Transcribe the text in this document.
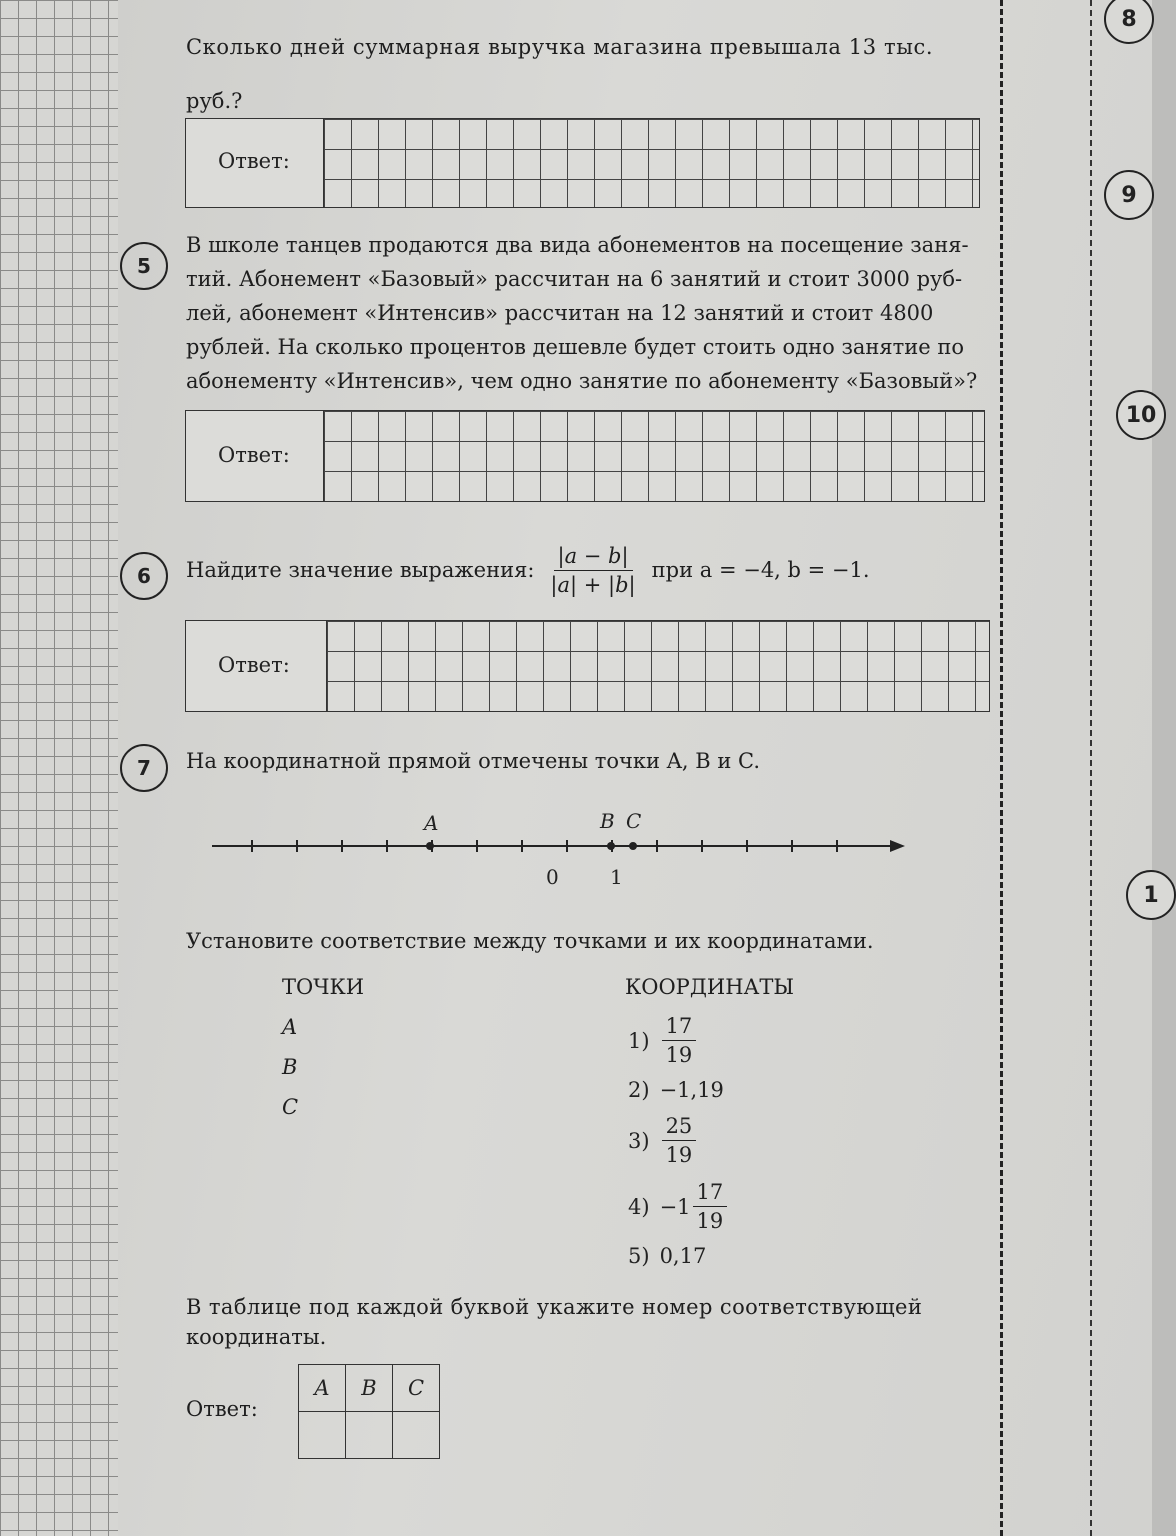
8
9
10
1
Сколько дней суммарная выручка магазина превышала 13 тыс.
руб.?
Ответ:
5
В школе танцев продаются два вида абонементов на посещение заня-
тий. Абонемент «Базовый» рассчитан на 6 занятий и стоит 3000 руб-
лей, абонемент «Интенсив» рассчитан на 12 занятий и стоит 4800
рублей. На сколько процентов дешевле будет стоить одно занятие по
абонементу «Интенсив», чем одно занятие по абонементу «Базовый»?
Ответ:
6	Найдите значение выражения: $\frac{|a - b|}{|a| + |b|}$ при a = −4, b = −1.
Ответ:
7	На координатной прямой отмечены точки A, B и C.
A	B C
0	1
Установите соответствие между точками и их координатами.
ТОЧКИ
A
B
C
КООРДИНАТЫ
$1) \frac{17}{19}$
2) −1,19
$3) \frac{25}{19}$
$4) -1 \frac{17}{19}$
5) 0,17
В таблице под каждой буквой укажите номер соответствующей
координаты.
Ответ:
A	B	C
